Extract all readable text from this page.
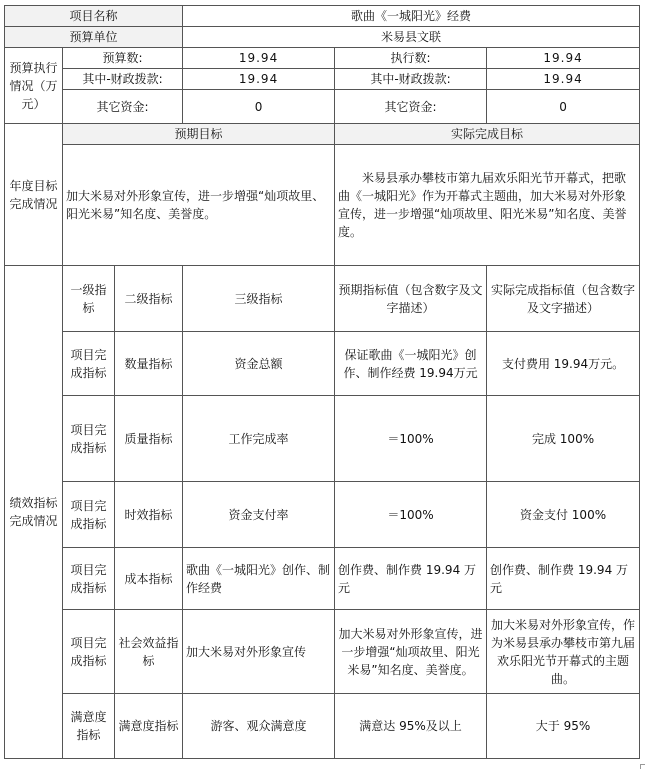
项目名称			歌曲《一城阳光》经费		
预算单位			米易县文联		
预算执行情况（万元）	预算数:		19.94	执行数:	19.94
	其中-财政拨款:		19.94	其中-财政拨款:	19.94
	其它资金:		0	其它资金:	0
年度目标完成情况	预期目标			实际完成目标	
	加大米易对外形象宣传，进一步增强“灿项故里、阳光米易”知名度、美誉度。			米易县承办攀枝市第九届欢乐阳光节开幕式，把歌曲《一城阳光》作为开幕式主题曲，加大米易对外形象宣传，进一步增强“灿项故里、阳光米易”知名度、美誉度。	
绩效指标完成情况	一级指标	二级指标	三级指标	预期指标值（包含数字及文字描述）	实际完成指标值（包含数字及文字描述）
	项目完成指标	数量指标	资金总额	保证歌曲《一城阳光》创作、制作经费 19.94万元	支付费用 19.94万元。
	项目完成指标	质量指标	工作完成率	＝100%	完成 100%
	项目完成指标	时效指标	资金支付率	＝100%	资金支付 100%
	项目完成指标	成本指标	歌曲《一城阳光》创作、制作经费	创作费、制作费 19.94 万元	创作费、制作费 19.94 万元
	项目完成指标	社会效益指标	加大米易对外形象宣传	加大米易对外形象宣传，进一步增强“灿项故里、阳光米易”知名度、美誉度。	加大米易对外形象宣传，作为米易县承办攀枝市第九届欢乐阳光节开幕式的主题曲。
	满意度指标	满意度指标	游客、观众满意度	满意达 95%及以上	大于 95%
